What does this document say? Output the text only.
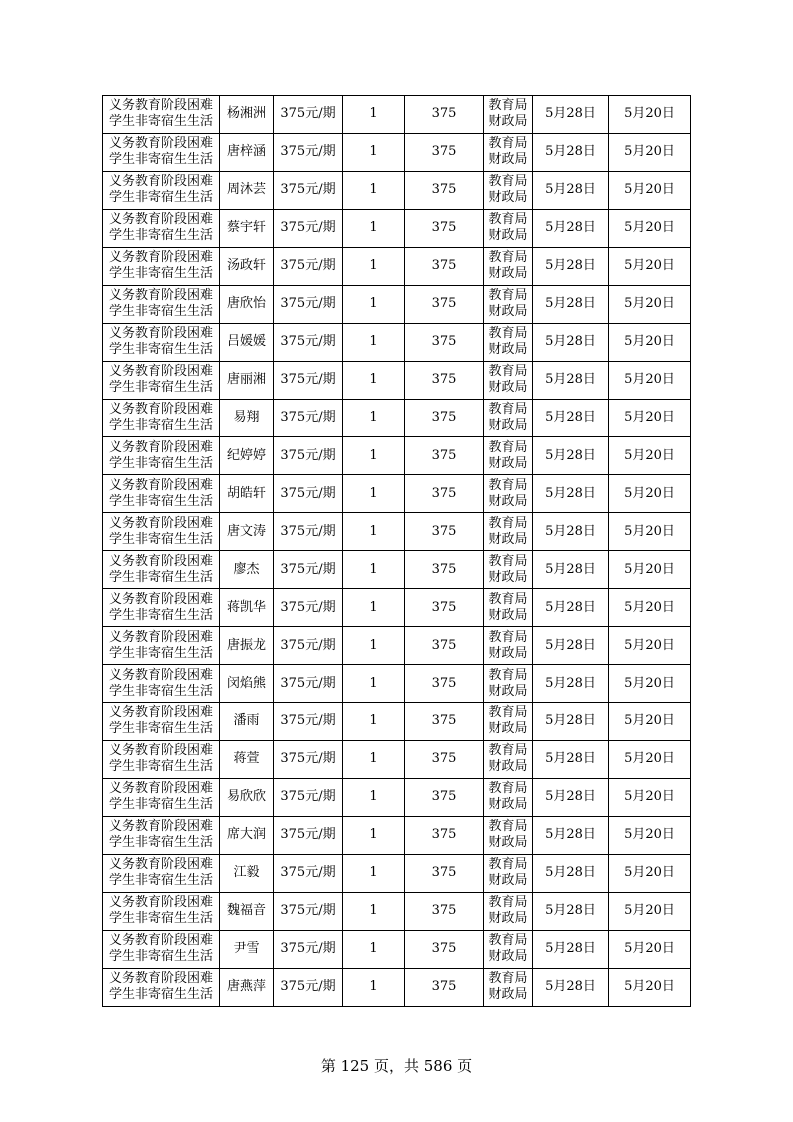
义务教育阶段困难学生非寄宿生生活	杨湘洲	375元/期	1	375	教育局财政局	5月28日	5月20日
义务教育阶段困难学生非寄宿生生活	唐梓涵	375元/期	1	375	教育局财政局	5月28日	5月20日
义务教育阶段困难学生非寄宿生生活	周沐芸	375元/期	1	375	教育局财政局	5月28日	5月20日
义务教育阶段困难学生非寄宿生生活	蔡宇轩	375元/期	1	375	教育局财政局	5月28日	5月20日
义务教育阶段困难学生非寄宿生生活	汤政轩	375元/期	1	375	教育局财政局	5月28日	5月20日
义务教育阶段困难学生非寄宿生生活	唐欣怡	375元/期	1	375	教育局财政局	5月28日	5月20日
义务教育阶段困难学生非寄宿生生活	吕媛媛	375元/期	1	375	教育局财政局	5月28日	5月20日
义务教育阶段困难学生非寄宿生生活	唐丽湘	375元/期	1	375	教育局财政局	5月28日	5月20日
义务教育阶段困难学生非寄宿生生活	易翔	375元/期	1	375	教育局财政局	5月28日	5月20日
义务教育阶段困难学生非寄宿生生活	纪婷婷	375元/期	1	375	教育局财政局	5月28日	5月20日
义务教育阶段困难学生非寄宿生生活	胡皓轩	375元/期	1	375	教育局财政局	5月28日	5月20日
义务教育阶段困难学生非寄宿生生活	唐文涛	375元/期	1	375	教育局财政局	5月28日	5月20日
义务教育阶段困难学生非寄宿生生活	廖杰	375元/期	1	375	教育局财政局	5月28日	5月20日
义务教育阶段困难学生非寄宿生生活	蒋凯华	375元/期	1	375	教育局财政局	5月28日	5月20日
义务教育阶段困难学生非寄宿生生活	唐振龙	375元/期	1	375	教育局财政局	5月28日	5月20日
义务教育阶段困难学生非寄宿生生活	闵焰熊	375元/期	1	375	教育局财政局	5月28日	5月20日
义务教育阶段困难学生非寄宿生生活	潘雨	375元/期	1	375	教育局财政局	5月28日	5月20日
义务教育阶段困难学生非寄宿生生活	蒋萱	375元/期	1	375	教育局财政局	5月28日	5月20日
义务教育阶段困难学生非寄宿生生活	易欣欣	375元/期	1	375	教育局财政局	5月28日	5月20日
义务教育阶段困难学生非寄宿生生活	席大润	375元/期	1	375	教育局财政局	5月28日	5月20日
义务教育阶段困难学生非寄宿生生活	江毅	375元/期	1	375	教育局财政局	5月28日	5月20日
义务教育阶段困难学生非寄宿生生活	魏福音	375元/期	1	375	教育局财政局	5月28日	5月20日
义务教育阶段困难学生非寄宿生生活	尹雪	375元/期	1	375	教育局财政局	5月28日	5月20日
义务教育阶段困难学生非寄宿生生活	唐燕萍	375元/期	1	375	教育局财政局	5月28日	5月20日
第 125 页，共 586 页
